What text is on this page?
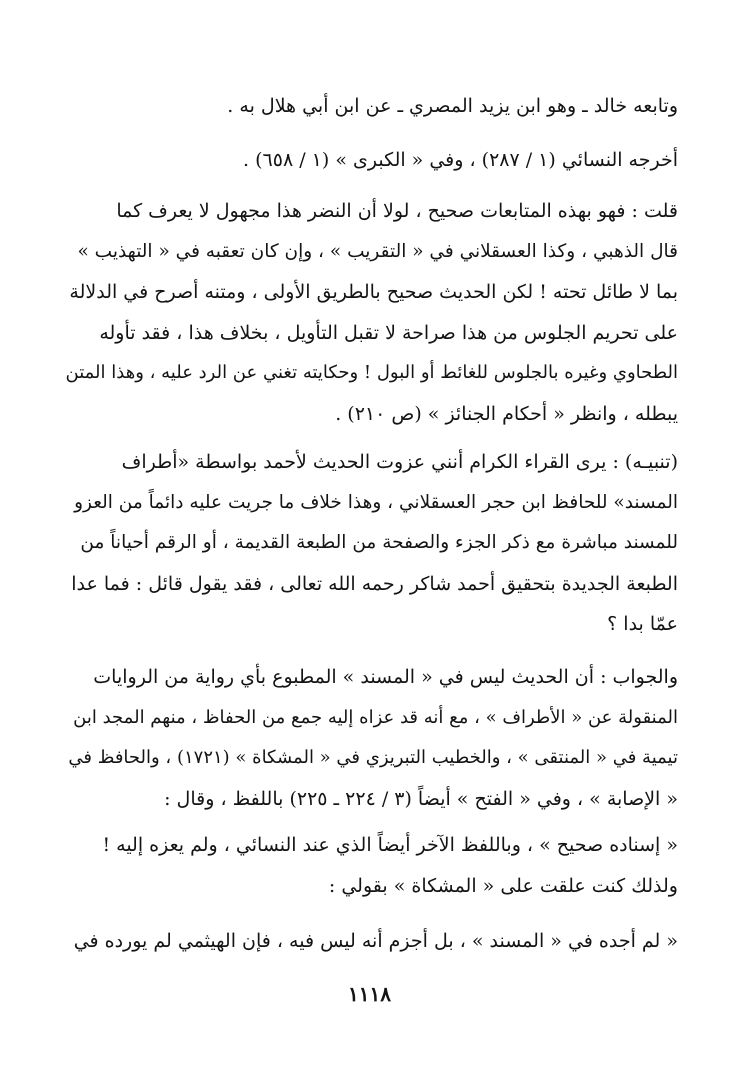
وتابعه خالد ـ وهو ابن يزيد المصري ـ عن ابن أبي هلال به .
أخرجه النسائي (١ / ٢٨٧) ، وفي « الكبرى » (١ / ٦٥٨) .
قلت : فهو بهذه المتابعات صحيح ، لولا أن النضر هذا مجهول لا يعرف كما
قال الذهبي ، وكذا العسقلاني في « التقريب » ، وإن كان تعقبه في « التهذيب »
بما لا طائل تحته ! لكن الحديث صحيح بالطريق الأولى ، ومتنه أصرح في الدلالة
على تحريم الجلوس من هذا صراحة لا تقبل التأويل ، بخلاف هذا ، فقد تأوله
الطحاوي وغيره بالجلوس للغائط أو البول ! وحكايته تغني عن الرد عليه ، وهذا المتن
يبطله ، وانظر « أحكام الجنائز » (ص ٢١٠) .
(تنبيـه) : يرى القراء الكرام أنني عزوت الحديث لأحمد بواسطة «أطراف
المسند» للحافظ ابن حجر العسقلاني ، وهذا خلاف ما جريت عليه دائماً من العزو
للمسند مباشرة مع ذكر الجزء والصفحة من الطبعة القديمة ، أو الرقم أحياناً من
الطبعة الجديدة بتحقيق أحمد شاكر رحمه الله تعالى ، فقد يقول قائل : فما عدا
عمّا بدا ؟
والجواب : أن الحديث ليس في « المسند » المطبوع بأي رواية من الروايات
المنقولة عن « الأطراف » ، مع أنه قد عزاه إليه جمع من الحفاظ ، منهم المجد ابن
تيمية في « المنتقى » ، والخطيب التبريزي في « المشكاة » (١٧٢١) ، والحافظ في
« الإصابة » ، وفي « الفتح » أيضاً (٣ / ٢٢٤ ـ ٢٢٥) باللفظ ، وقال :
« إسناده صحيح » ، وباللفظ الآخر أيضاً الذي عند النسائي ، ولم يعزه إليه !
ولذلك كنت علقت على « المشكاة » بقولي :
« لم أجده في « المسند » ، بل أجزم أنه ليس فيه ، فإن الهيثمي لم يورده في
١١١٨
